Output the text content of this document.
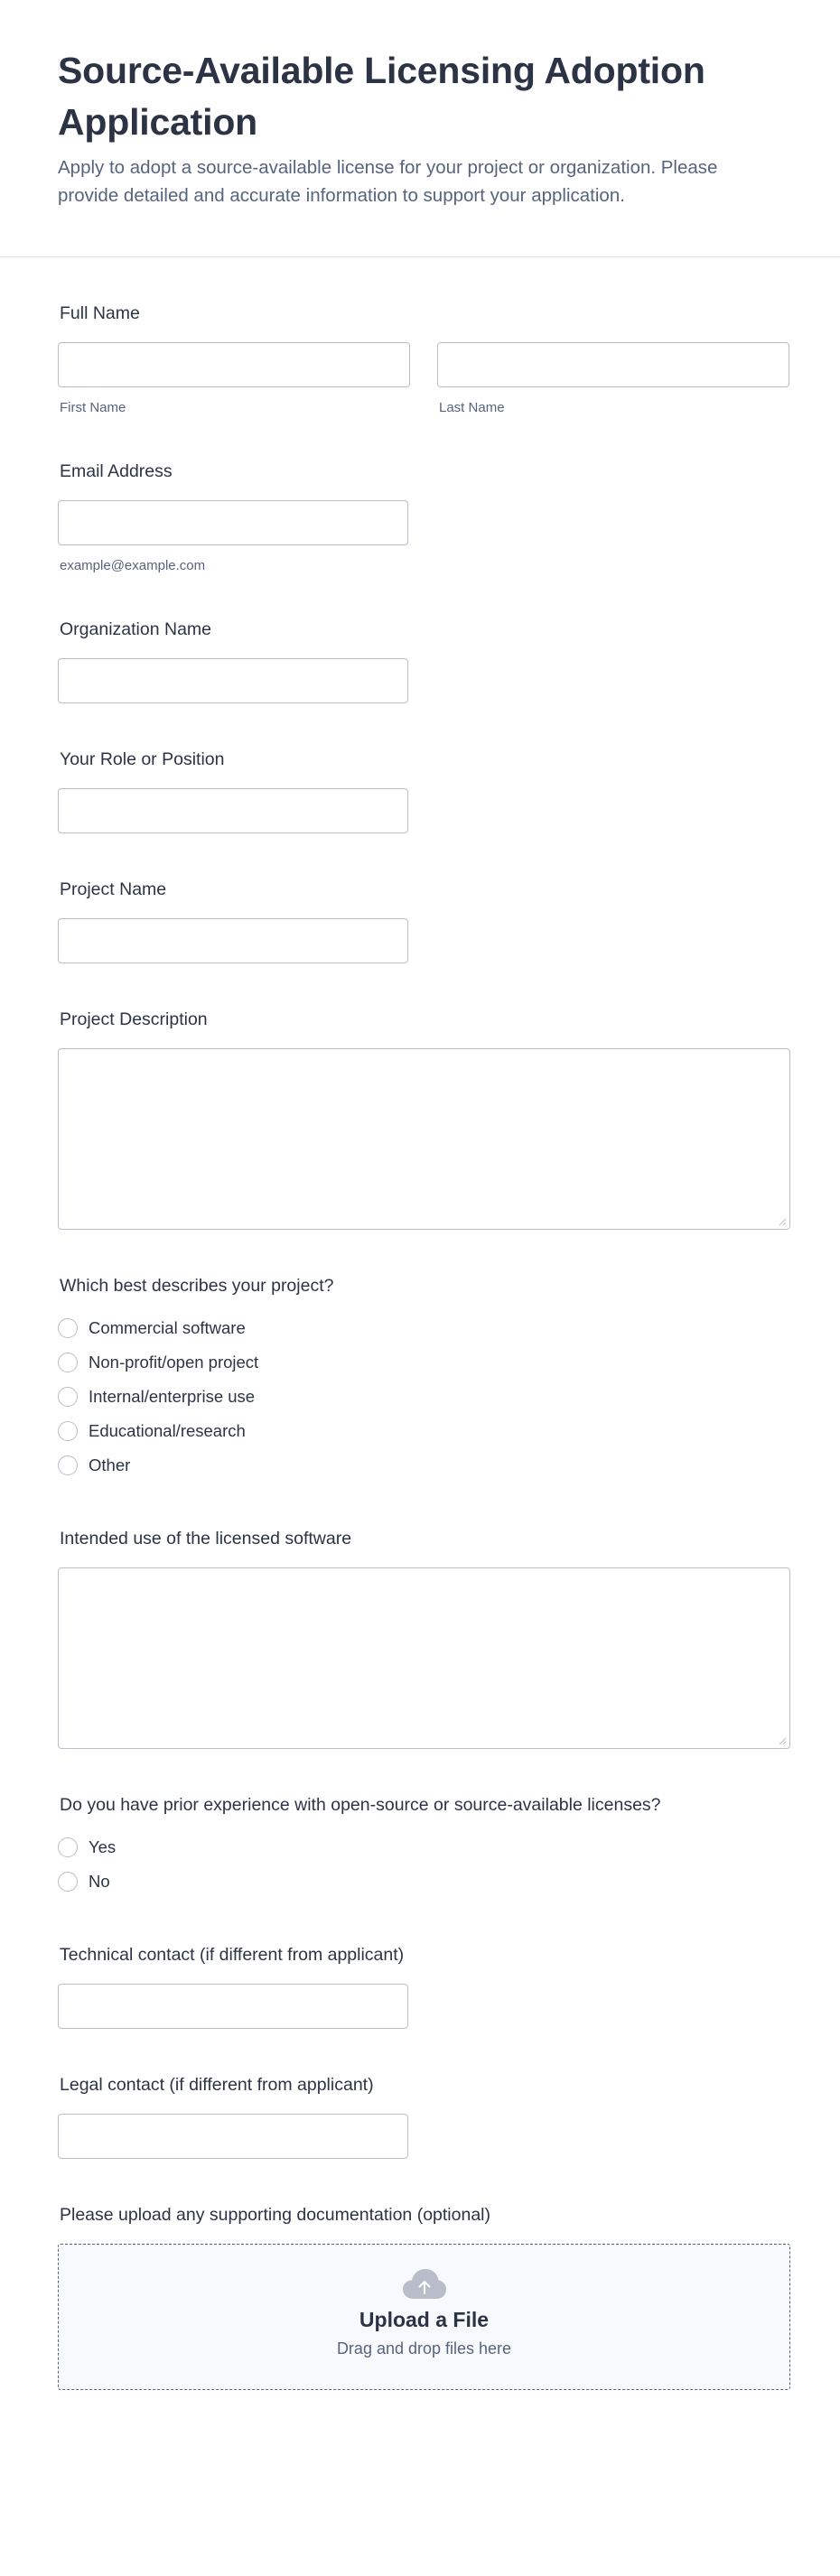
Source-Available Licensing Adoption Application
Apply to adopt a source-available license for your project or organization. Please provide detailed and accurate information to support your application.
Full Name
First Name	Last Name
Email Address
example@example.com
Organization Name
Your Role or Position
Project Name
Project Description
Which best describes your project?
Commercial software
Non-profit/open project
Internal/enterprise use
Educational/research
Other
Intended use of the licensed software
Do you have prior experience with open-source or source-available licenses?
Yes
No
Technical contact (if different from applicant)
Legal contact (if different from applicant)
Please upload any supporting documentation (optional)
Upload a File
Drag and drop files here
